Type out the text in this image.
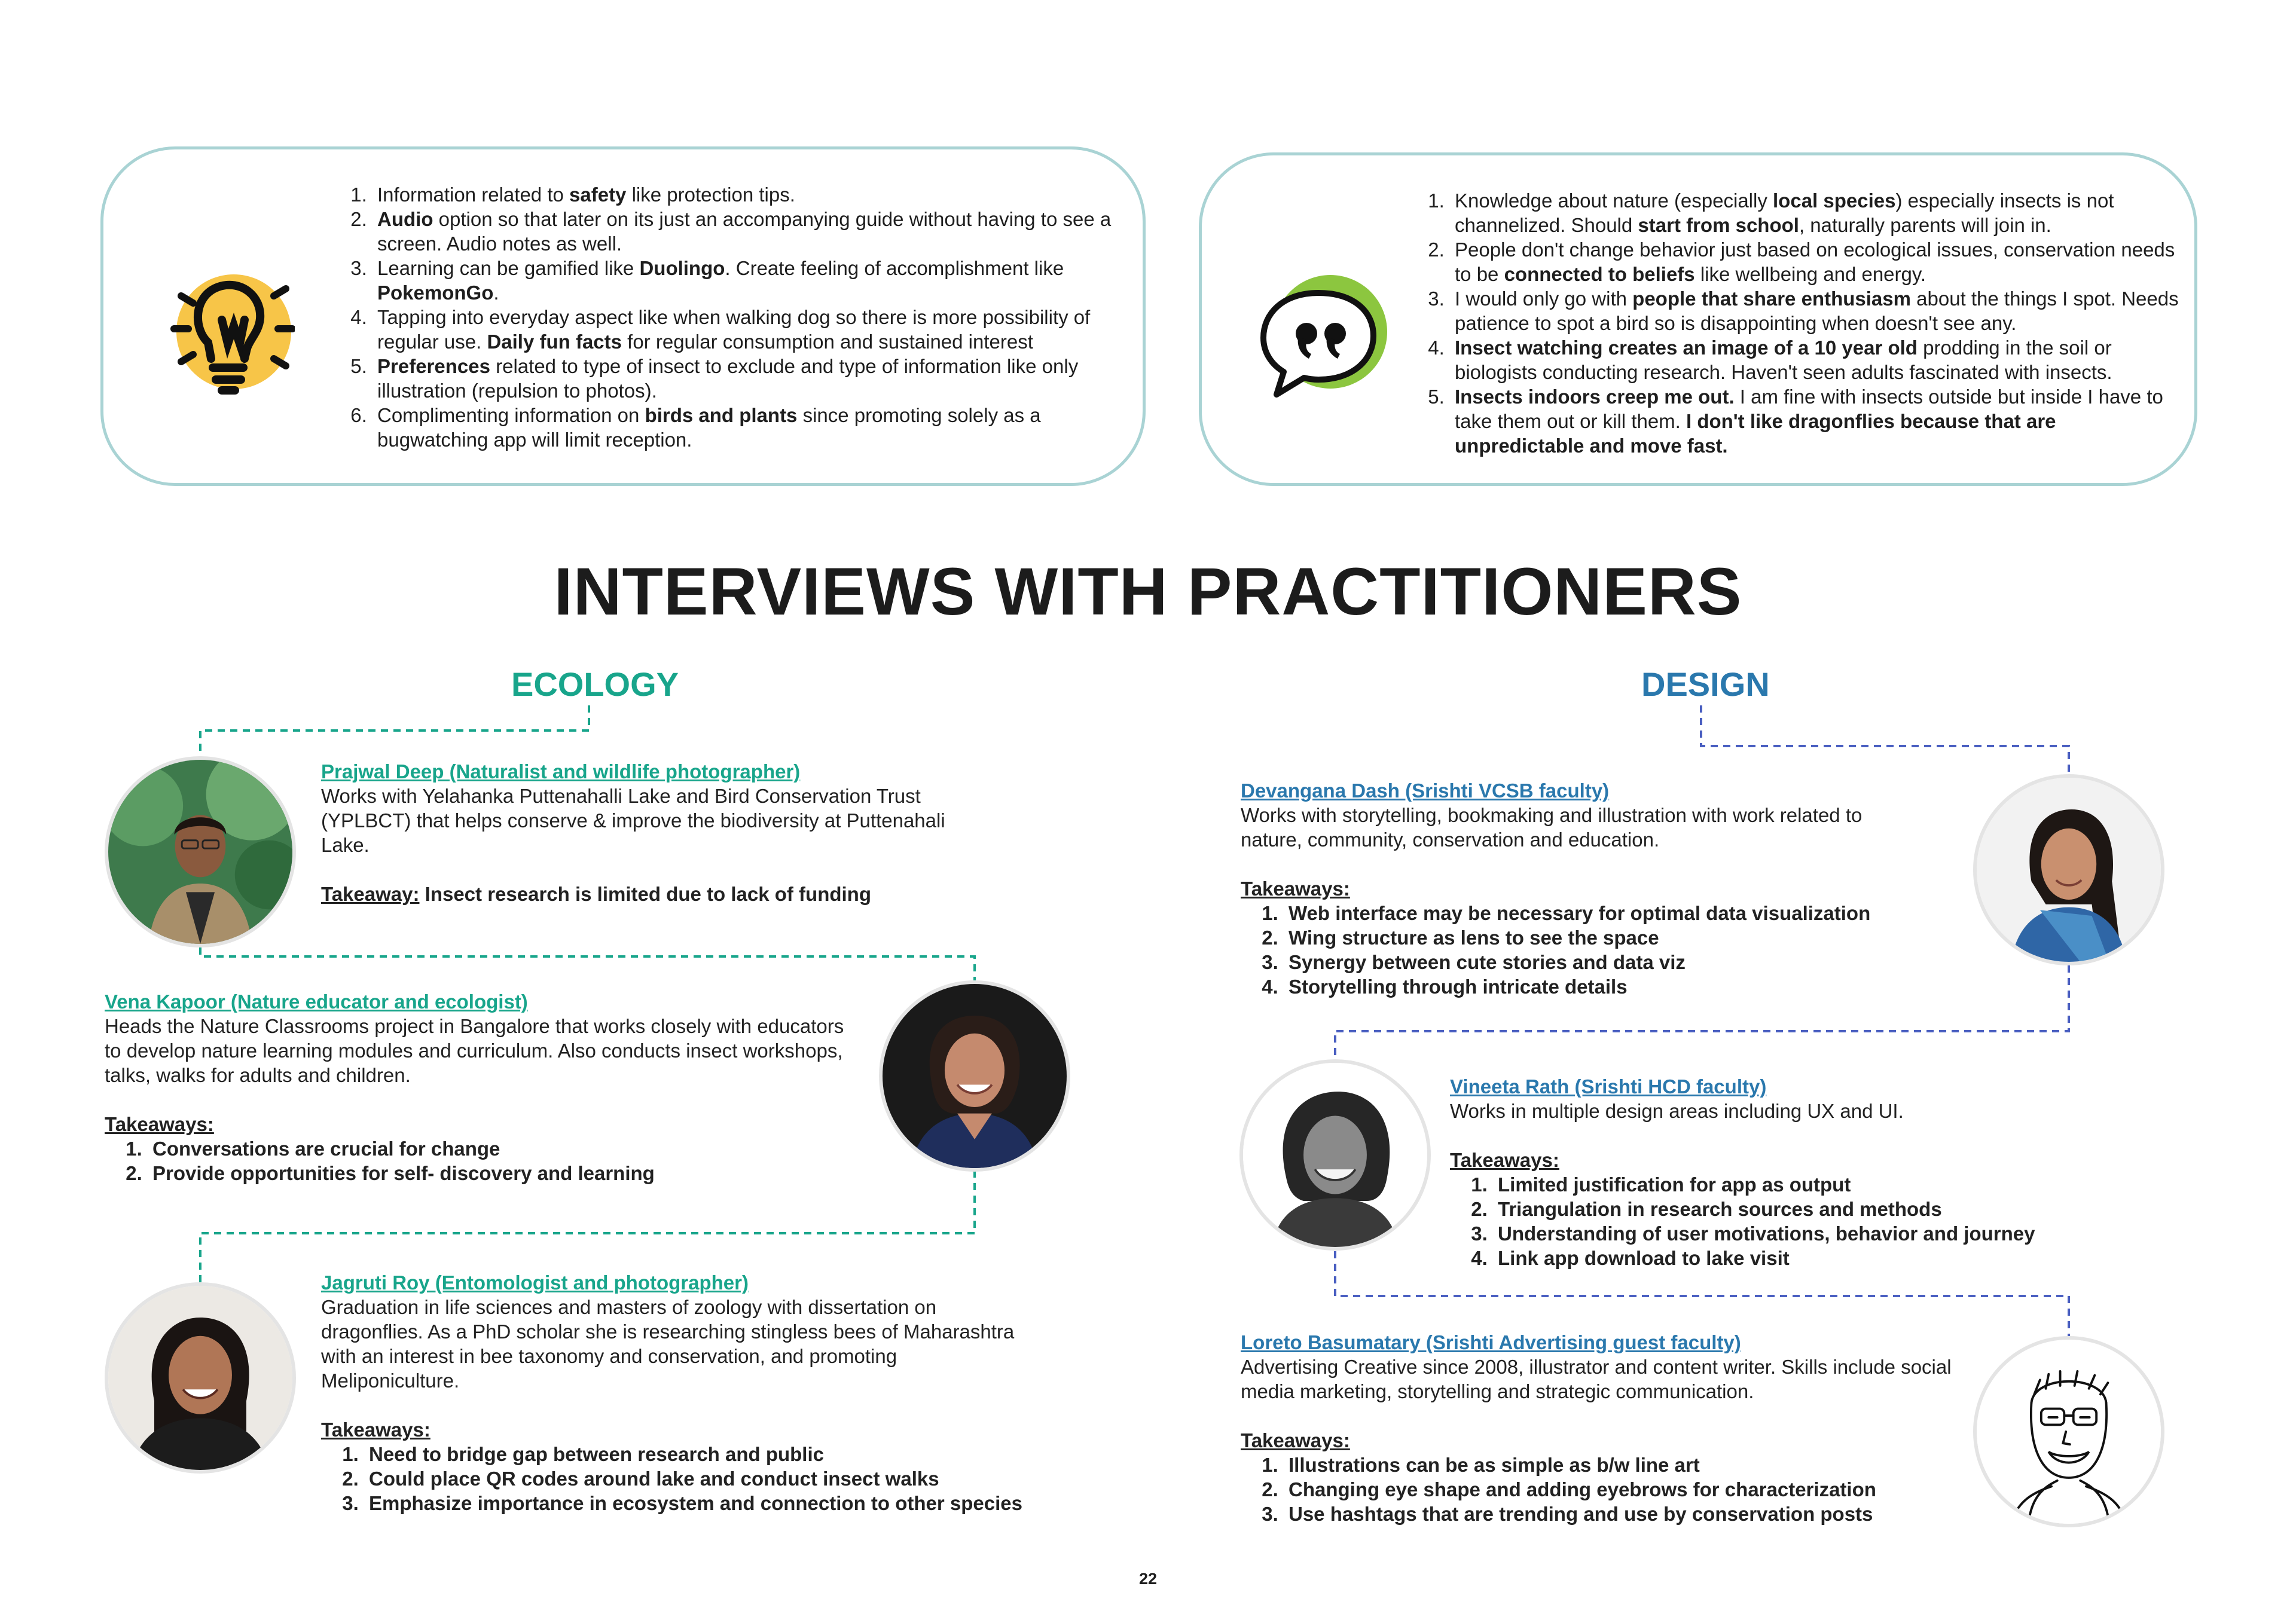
1. Information related to safety like protection tips.
2. Audio option so that later on its just an accompanying guide without having to see a screen. Audio notes as well.
3. Learning can be gamified like Duolingo. Create feeling of accomplishment like PokemonGo.
4. Tapping into everyday aspect like when walking dog so there is more possibility of regular use. Daily fun facts for regular consumption and sustained interest
5. Preferences related to type of insect to exclude and type of information like only illustration (repulsion to photos).
6. Complimenting information on birds and plants since promoting solely as a bugwatching app will limit reception.
1. Knowledge about nature (especially local species) especially insects is not channelized. Should start from school, naturally parents will join in.
2. People don't change behavior just based on ecological issues, conservation needs to be connected to beliefs like wellbeing and energy.
3. I would only go with people that share enthusiasm about the things I spot. Needs patience to spot a bird so is disappointing when doesn't see any.
4. Insect watching creates an image of a 10 year old prodding in the soil or biologists conducting research. Haven't seen adults fascinated with insects.
5. Insects indoors creep me out. I am fine with insects outside but inside I have to take them out or kill them. I don't like dragonflies because that are unpredictable and move fast.
INTERVIEWS WITH PRACTITIONERS
ECOLOGY	DESIGN
Prajwal Deep (Naturalist and wildlife photographer)
Works with Yelahanka Puttenahalli Lake and Bird Conservation Trust (YPLBCT) that helps conserve & improve the biodiversity at Puttenahali Lake.
Takeaway: Insect research is limited due to lack of funding
Vena Kapoor (Nature educator and ecologist)
Heads the Nature Classrooms project in Bangalore that works closely with educators to develop nature learning modules and curriculum. Also conducts insect workshops, talks, walks for adults and children.
Takeaways:
1. Conversations are crucial for change
2. Provide opportunities for self- discovery and learning
Jagruti Roy (Entomologist and photographer)
Graduation in life sciences and masters of zoology with dissertation on dragonflies. As a PhD scholar she is researching stingless bees of Maharashtra with an interest in bee taxonomy and conservation, and promoting Meliponiculture.
Takeaways:
1. Need to bridge gap between research and public
2. Could place QR codes around lake and conduct insect walks
3. Emphasize importance in ecosystem and connection to other species
Devangana Dash (Srishti VCSB faculty)
Works with storytelling, bookmaking and illustration with work related to nature, community, conservation and education.
Takeaways:
1. Web interface may be necessary for optimal data visualization
2. Wing structure as lens to see the space
3. Synergy between cute stories and data viz
4. Storytelling through intricate details
Vineeta Rath (Srishti HCD faculty)
Works in multiple design areas including UX and UI.
Takeaways:
1. Limited justification for app as output
2. Triangulation in research sources and methods
3. Understanding of user motivations, behavior and journey
4. Link app download to lake visit
Loreto Basumatary (Srishti Advertising guest faculty)
Advertising Creative since 2008, illustrator and content writer. Skills include social media marketing, storytelling and strategic communication.
Takeaways:
1. Illustrations can be as simple as b/w line art
2. Changing eye shape and adding eyebrows for characterization
3. Use hashtags that are trending and use by conservation posts
22
